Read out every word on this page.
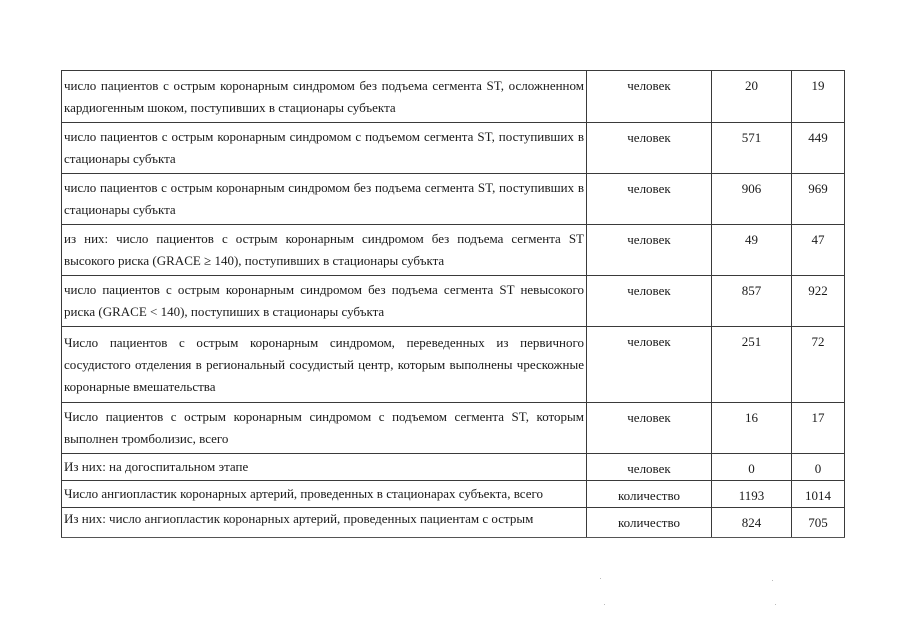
число пациентов с острым коронарным синдромом без подъема сегмента ST, осложненном кардиогенным шоком, поступивших в стационары субъекта	человек	20	19
число пациентов с острым коронарным синдромом с подъемом сегмента ST, поступивших в стационары субъкта	человек	571	449
число пациентов с острым коронарным синдромом без подъема сегмента ST, поступивших в стационары субъкта	человек	906	969
из них: число пациентов с острым коронарным синдромом без подъема сегмента ST высокого риска (GRACE ≥ 140), поступивших в стационары субъкта	человек	49	47
число пациентов с острым коронарным синдромом без подъема сегмента ST невысокого риска (GRACE < 140), поступиших в стационары субъкта	человек	857	922
Число пациентов с острым коронарным синдромом, переведенных из первичного сосудистого отделения в региональный сосудистый центр, которым выполнены чрескожные коронарные вмешательства	человек	251	72
Число пациентов с острым коронарным синдромом с подъемом сегмента ST, которым выполнен тромболизис, всего	человек	16	17
Из них: на догоспитальном этапе	человек	0	0
Число ангиопластик коронарных артерий, проведенных в стационарах субъекта, всего	количество	1193	1014
Из них: число ангиопластик коронарных артерий, проведенных пациентам с острым	количество	824	705
